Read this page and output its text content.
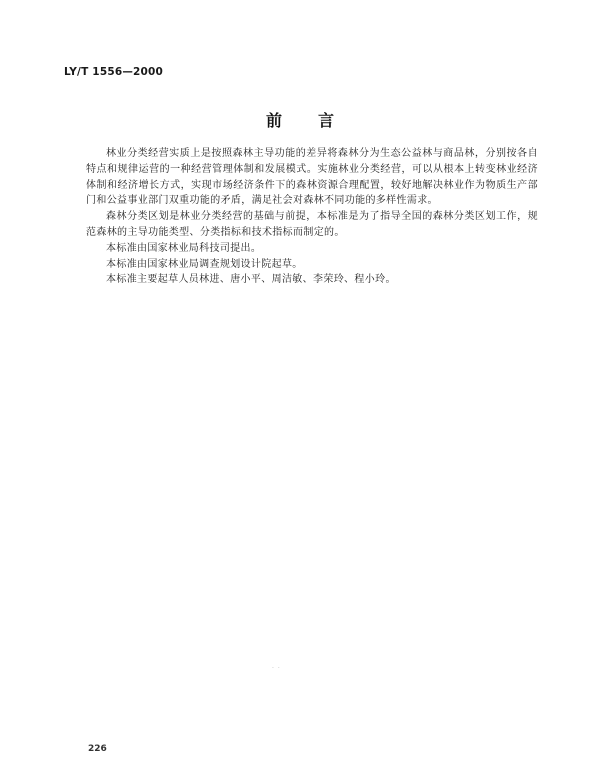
LY/T 1556—2000
前言

林业分类经营实质上是按照森林主导功能的差异将森林分为生态公益林与商品林，分别按各自特点和规律运营的一种经营管理体制和发展模式。实施林业分类经营，可以从根本上转变林业经济体制和经济增长方式，实现市场经济条件下的森林资源合理配置，较好地解决林业作为物质生产部门和公益事业部门双重功能的矛盾，满足社会对森林不同功能的多样性需求。

森林分类区划是林业分类经营的基础与前提，本标准是为了指导全国的森林分类区划工作，规范森林的主导功能类型、分类指标和技术指标而制定的。

本标准由国家林业局科技司提出。

本标准由国家林业局调查规划设计院起草。

本标准主要起草人员林进、唐小平、周洁敏、李荣玲、程小玲。

· ·
226
